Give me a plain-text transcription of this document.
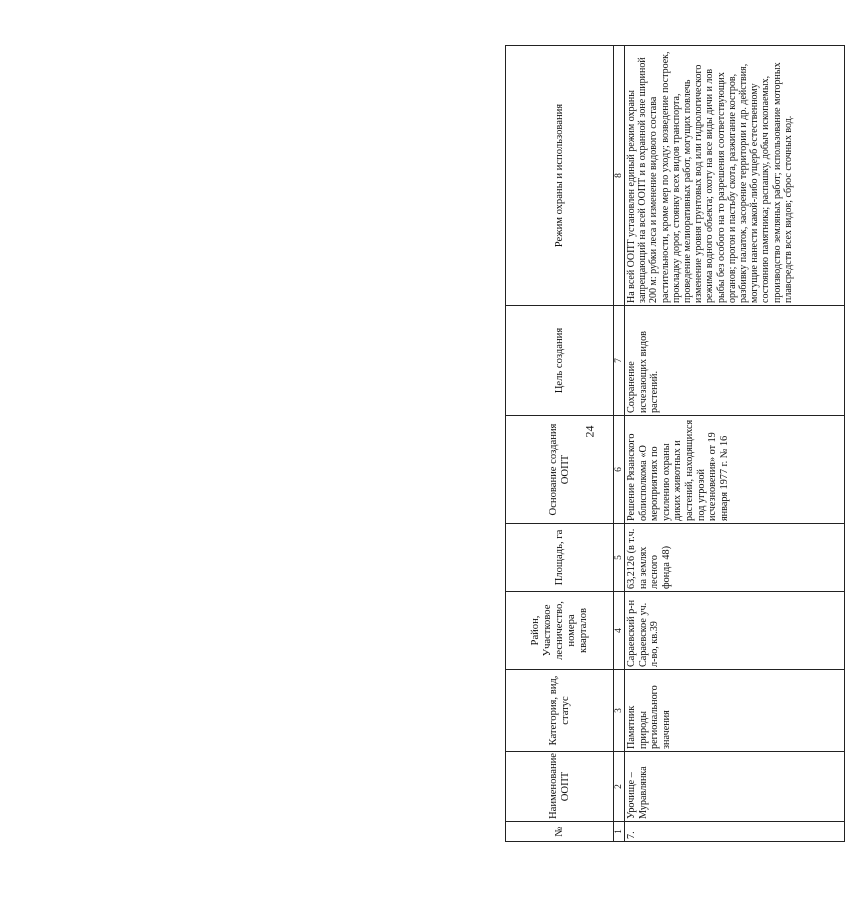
№	Наименование ООПТ	Категория, вид, статус	Район, Участковое лесничество, номера кварталов	Площадь, га	Основание создания ООПТ	Цель создания	Режим охраны и использования
1	2	3	4	5	6	7	8
7.	Урочище – Муравлянка	Памятник природы регионального значения	Сараевский р-н Сараевское уч. л-во, кв.39	63,2126 (в т.ч. на землях лесного фонда 48)	Решение Рязанского облисполкома «О мероприятиях по усилению охраны диких животных и растений, находящихся под угрозой исчезновения» от 19 января 1977 г. № 16	Сохранение исчезающих видов растений.	На всей ООПТ установлен единый режим охраны запрещающий на всей ООПТ и в охранной зоне шириной 200 м: рубки леса и изменение видового состава растительности, кроме мер по уходу; возведение построек, прокладку дорог, стоянку всех видов транспорта, проведение мелиоративных работ, могущих повлечь изменение уровня грунтовых вод или гидрологического режима водного объекта; охоту на все виды дичи и лов рыбы без особого на то разрешения соответствующих органов; прогон и пастьбу скота, разжигание костров, разбивку палаток, засорение территории и др. действия, могущие нанести какой-либо ущерб естественному состоянию памятника; распашку, добыч ископаемых, производство земляных работ; использование моторных плавсредств всех видов; сброс сточных вод.
24
